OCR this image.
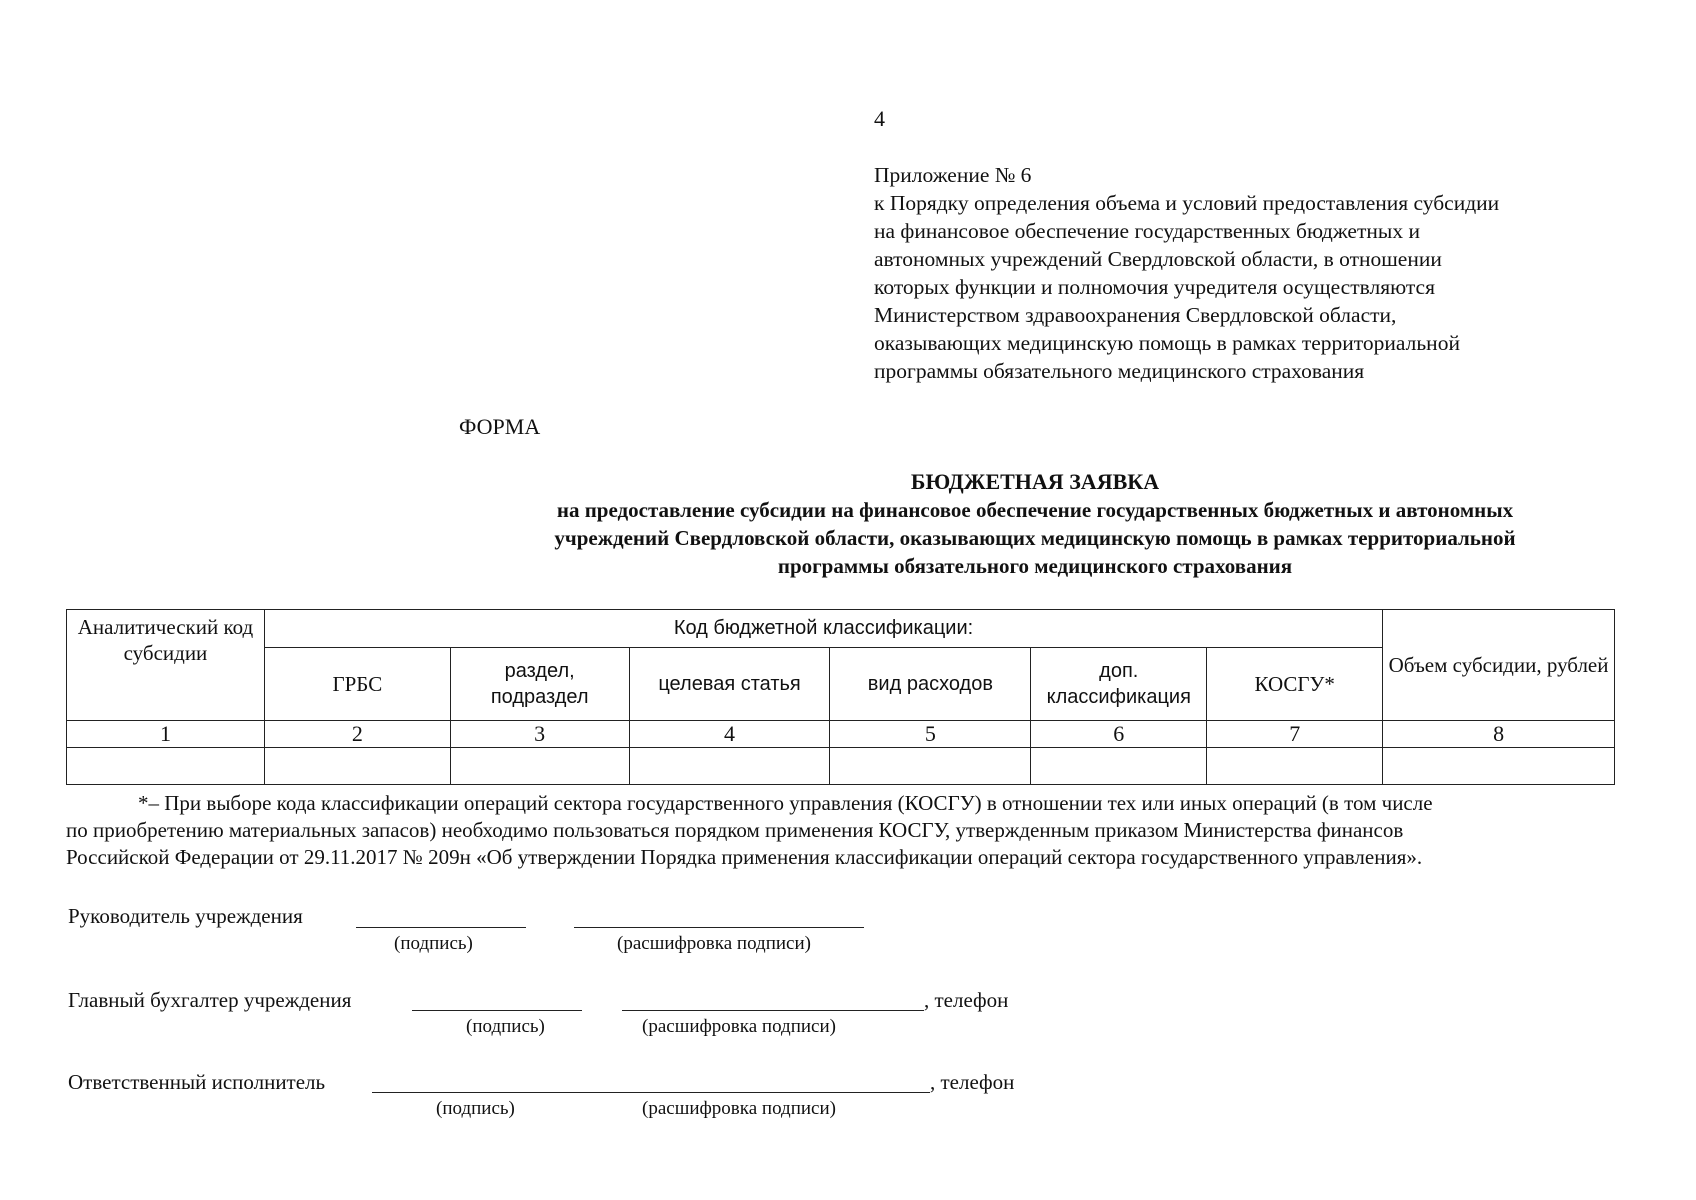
4
Приложение № 6
к Порядку определения объема и условий предоставления субсидии
на финансовое обеспечение государственных бюджетных и
автономных учреждений Свердловской области, в отношении
которых функции и полномочия учредителя осуществляются
Министерством здравоохранения Свердловской области,
оказывающих медицинскую помощь в рамках территориальной
программы обязательного медицинского страхования
ФОРМА
БЮДЖЕТНАЯ ЗАЯВКА
на предоставление субсидии на финансовое обеспечение государственных бюджетных и автономных
учреждений Свердловской области, оказывающих медицинскую помощь в рамках территориальной
программы обязательного медицинского страхования
Аналитический код субсидии	Код бюджетной классификации:						Объем субсидии, рублей
	ГРБС	раздел, подраздел	целевая статья	вид расходов	доп. классификация	КОСГУ*	
1	2	3	4	5	6	7	8

*– При выборе кода классификации операций сектора государственного управления (КОСГУ) в отношении тех или иных операций (в том числе
по приобретению материальных запасов) необходимо пользоваться порядком применения КОСГУ, утвержденным приказом Министерства финансов
Российской Федерации от 29.11.2017 № 209н «Об утверждении Порядка применения классификации операций сектора государственного управления».
Руководитель учреждения
(подпись)	(расшифровка подписи)
Главный бухгалтер учреждения	, телефон
(подпись)	(расшифровка подписи)
Ответственный исполнитель	, телефон
(подпись)	(расшифровка подписи)
